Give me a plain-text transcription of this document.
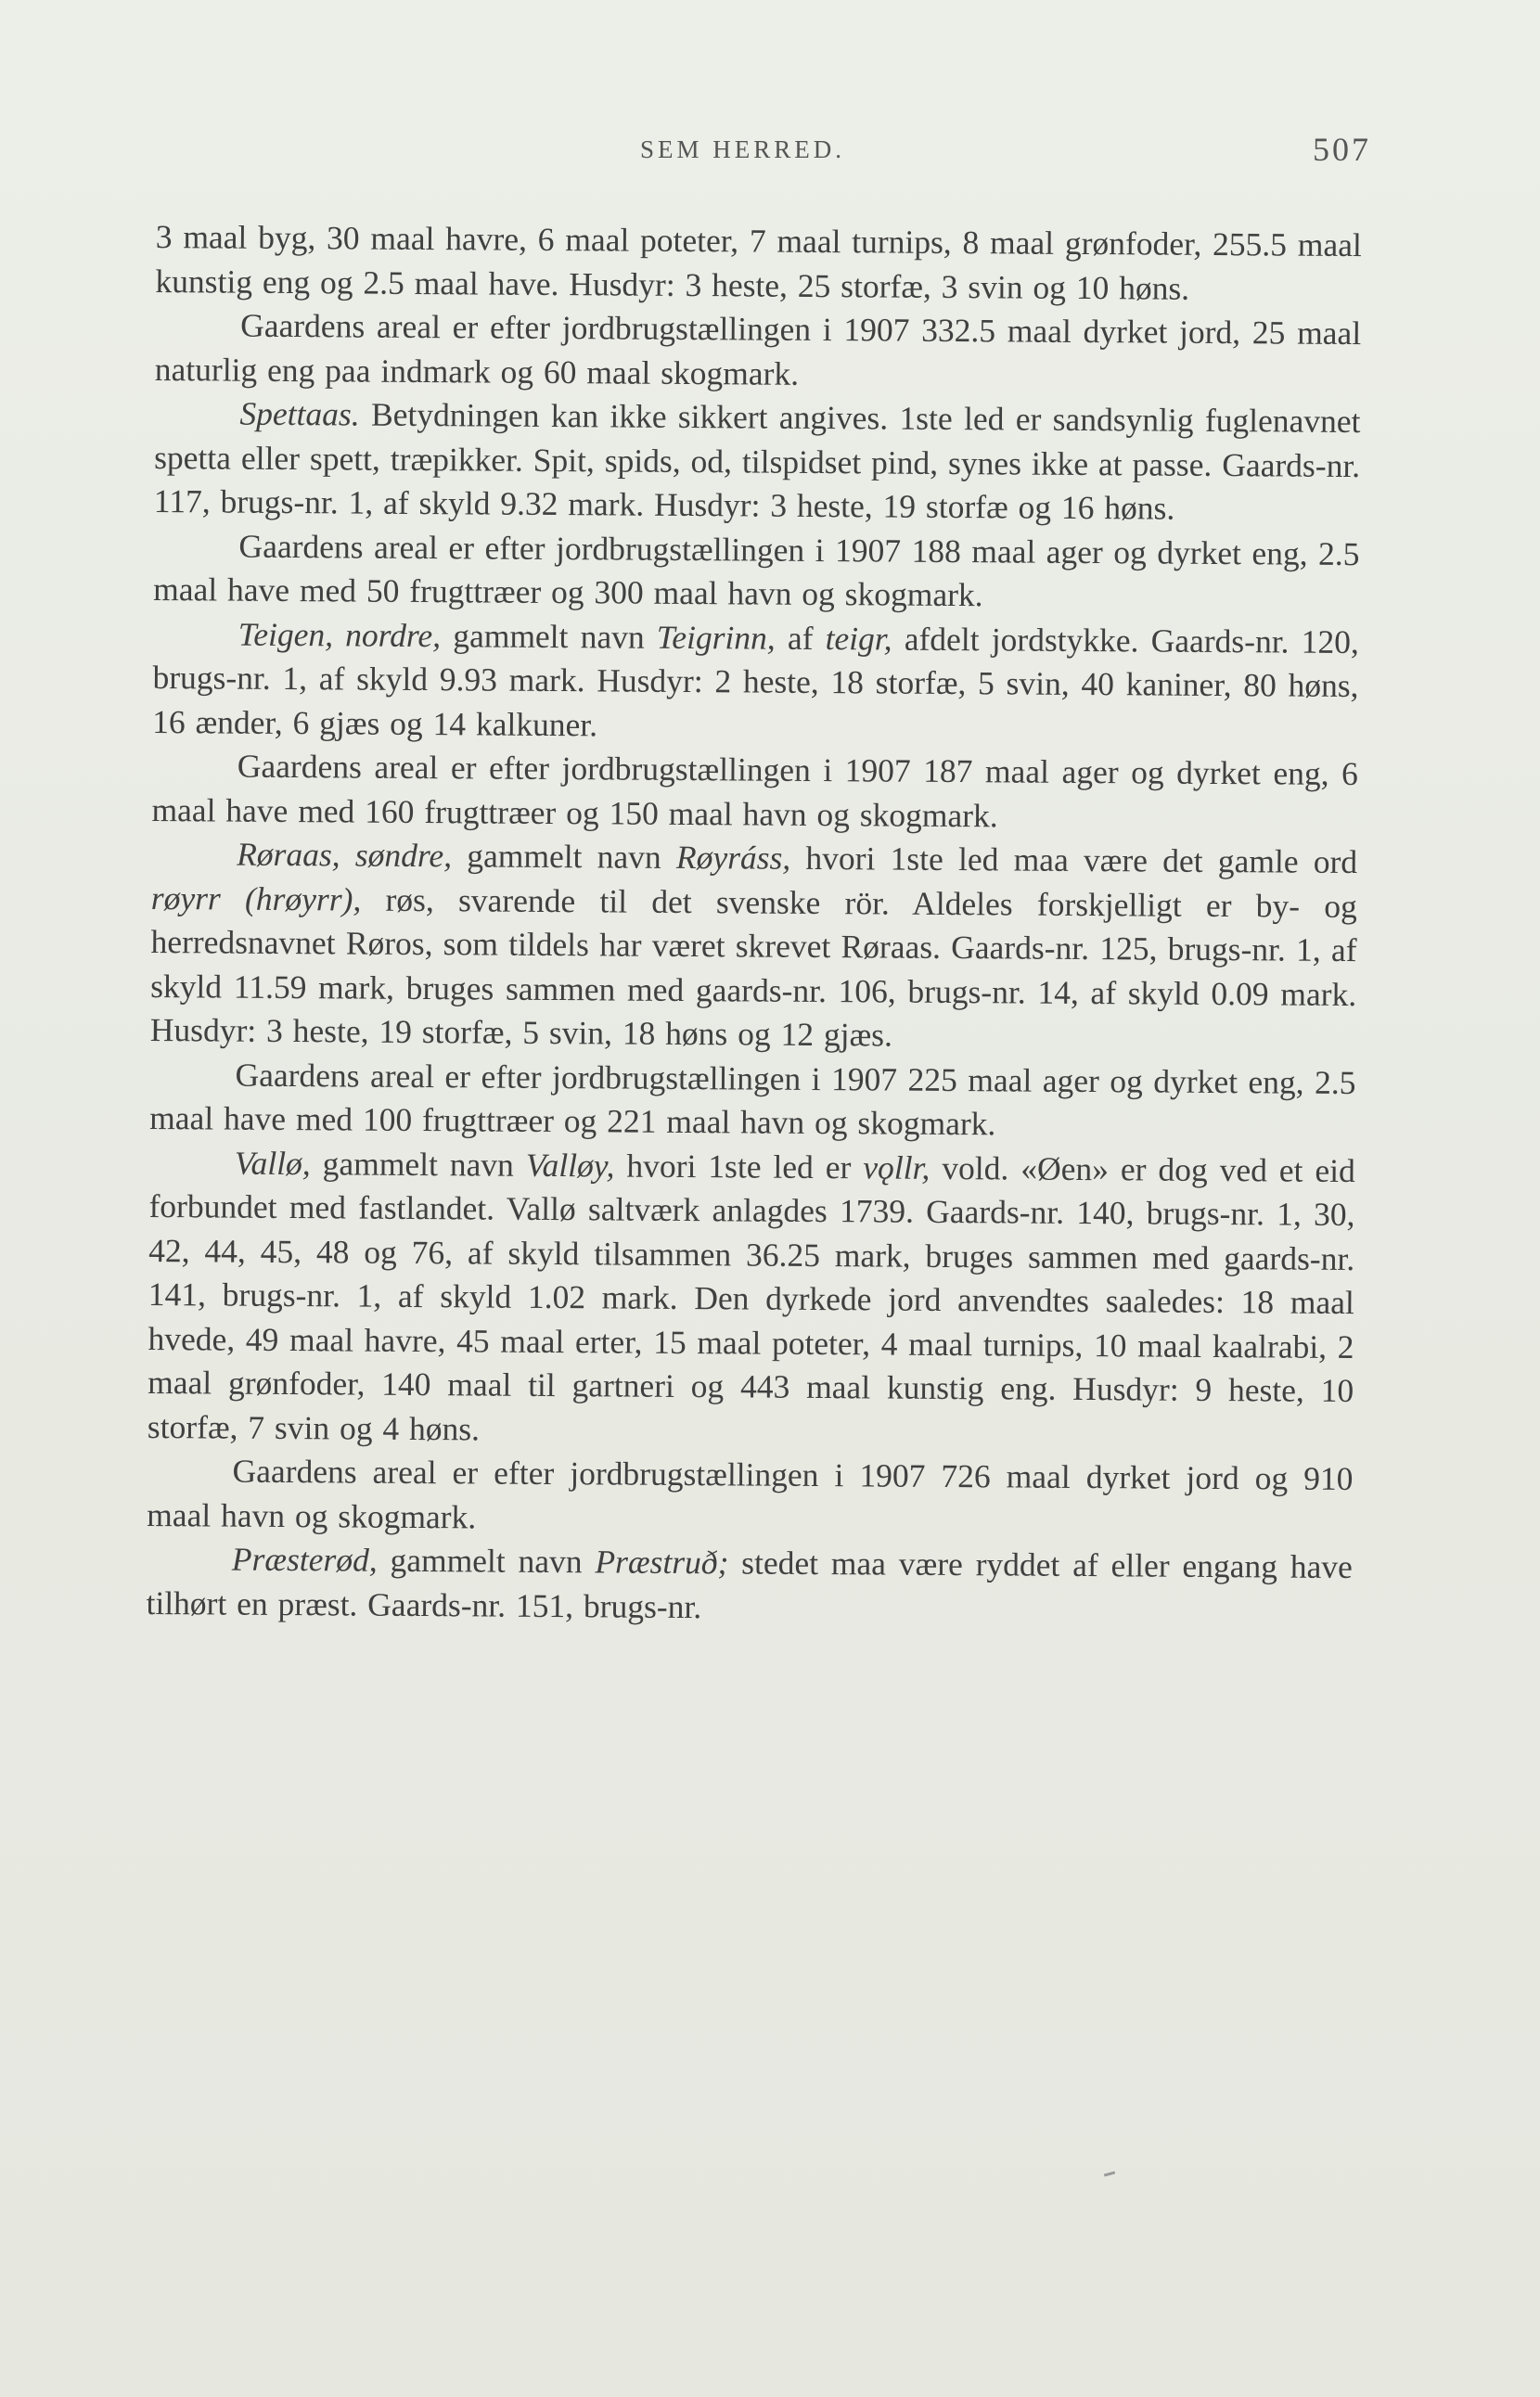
SEM HERRED.	507

3 maal byg, 30 maal havre, 6 maal poteter, 7 maal turnips, 8 maal grønfoder, 255.5 maal kunstig eng og 2.5 maal have. Husdyr: 3 heste, 25 storfæ, 3 svin og 10 høns.

Gaardens areal er efter jordbrugstællingen i 1907 332.5 maal dyrket jord, 25 maal naturlig eng paa indmark og 60 maal skogmark.

Spettaas. Betydningen kan ikke sikkert angives. 1ste led er sandsynlig fuglenavnet spetta eller spett, træpikker. Spit, spids, od, tilspidset pind, synes ikke at passe. Gaards-nr. 117, brugs-nr. 1, af skyld 9.32 mark. Husdyr: 3 heste, 19 storfæ og 16 høns.

Gaardens areal er efter jordbrugstællingen i 1907 188 maal ager og dyrket eng, 2.5 maal have med 50 frugttræer og 300 maal havn og skogmark.

Teigen, nordre, gammelt navn Teigrinn, af teigr, afdelt jordstykke. Gaards-nr. 120, brugs-nr. 1, af skyld 9.93 mark. Husdyr: 2 heste, 18 storfæ, 5 svin, 40 kaniner, 80 høns, 16 ænder, 6 gjæs og 14 kalkuner.

Gaardens areal er efter jordbrugstællingen i 1907 187 maal ager og dyrket eng, 6 maal have med 160 frugttræer og 150 maal havn og skogmark.

Røraas, søndre, gammelt navn Røyráss, hvori 1ste led maa være det gamle ord røyrr (hrøyrr), røs, svarende til det svenske rör. Aldeles forskjelligt er by- og herredsnavnet Røros, som tildels har været skrevet Røraas. Gaards-nr. 125, brugs-nr. 1, af skyld 11.59 mark, bruges sammen med gaards-nr. 106, brugs-nr. 14, af skyld 0.09 mark. Husdyr: 3 heste, 19 storfæ, 5 svin, 18 høns og 12 gjæs.

Gaardens areal er efter jordbrugstællingen i 1907 225 maal ager og dyrket eng, 2.5 maal have med 100 frugttræer og 221 maal havn og skogmark.

Vallø, gammelt navn Valløy, hvori 1ste led er vǫllr, vold. «Øen» er dog ved et eid forbundet med fastlandet. Vallø saltværk anlagdes 1739. Gaards-nr. 140, brugs-nr. 1, 30, 42, 44, 45, 48 og 76, af skyld tilsammen 36.25 mark, bruges sammen med gaards-nr. 141, brugs-nr. 1, af skyld 1.02 mark. Den dyrkede jord anvendtes saaledes: 18 maal hvede, 49 maal havre, 45 maal erter, 15 maal poteter, 4 maal turnips, 10 maal kaalrabi, 2 maal grønfoder, 140 maal til gartneri og 443 maal kunstig eng. Husdyr: 9 heste, 10 storfæ, 7 svin og 4 høns.

Gaardens areal er efter jordbrugstællingen i 1907 726 maal dyrket jord og 910 maal havn og skogmark.

Præsterød, gammelt navn Præstruð; stedet maa være ryddet af eller engang have tilhørt en præst. Gaards-nr. 151, brugs-nr.
